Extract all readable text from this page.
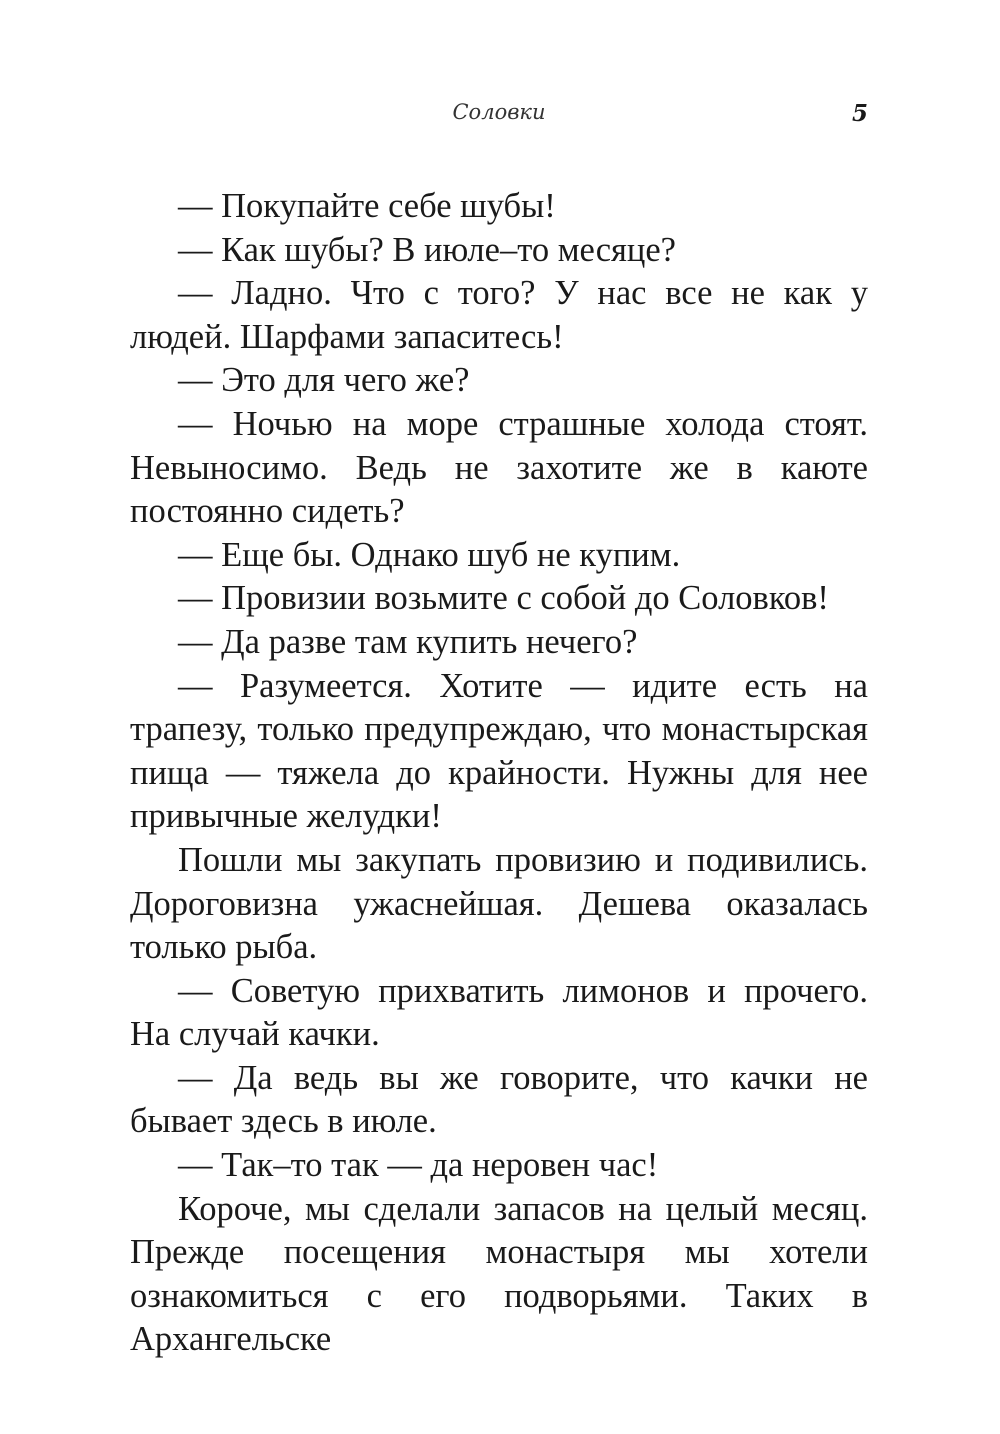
Соловки	5

— Покупайте себе шубы!

— Как шубы? В июле–то месяце?

— Ладно. Что с того? У нас все не как у людей. Шарфами запаситесь!

— Это для чего же?

— Ночью на море страшные холода стоят. Невыносимо. Ведь не захотите же в каюте постоянно сидеть?

— Еще бы. Однако шуб не купим.

— Провизии возьмите с собой до Соловков!

— Да разве там купить нечего?

— Разумеется. Хотите — идите есть на трапезу, только предупреждаю, что монастырская пища — тяжела до крайности. Нужны для нее привычные желудки!

Пошли мы закупать провизию и подивились. Дороговизна ужаснейшая. Дешева оказалась только рыба.

— Советую прихватить лимонов и прочего. На случай качки.

— Да ведь вы же говорите, что качки не бывает здесь в июле.

— Так–то так — да неровен час!

Короче, мы сделали запасов на целый месяц. Прежде посещения монастыря мы хотели ознакомиться с его подворьями. Таких в Архангельске
